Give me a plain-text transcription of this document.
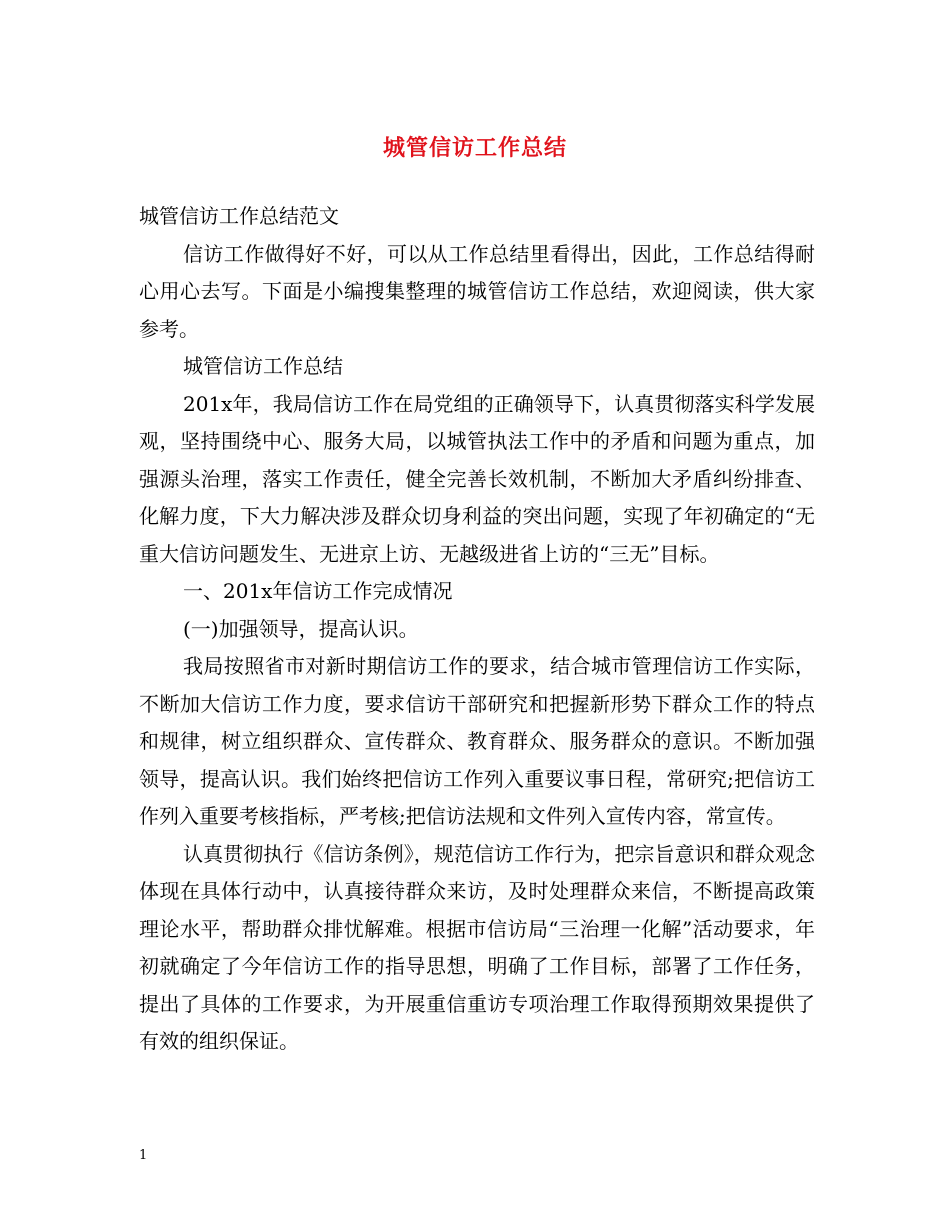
城管信访工作总结

城管信访工作总结范文

信访工作做得好不好，可以从工作总结里看得出，因此，工作总结得耐心用心去写。下面是小编搜集整理的城管信访工作总结，欢迎阅读，供大家参考。

城管信访工作总结

201x年，我局信访工作在局党组的正确领导下，认真贯彻落实科学发展观，坚持围绕中心、服务大局，以城管执法工作中的矛盾和问题为重点，加强源头治理，落实工作责任，健全完善长效机制，不断加大矛盾纠纷排查、化解力度，下大力解决涉及群众切身利益的突出问题，实现了年初确定的“无重大信访问题发生、无进京上访、无越级进省上访的“三无”目标。

一、201x年信访工作完成情况

(一)加强领导，提高认识。

我局按照省市对新时期信访工作的要求，结合城市管理信访工作实际，不断加大信访工作力度，要求信访干部研究和把握新形势下群众工作的特点和规律，树立组织群众、宣传群众、教育群众、服务群众的意识。不断加强领导，提高认识。我们始终把信访工作列入重要议事日程，常研究;把信访工作列入重要考核指标，严考核;把信访法规和文件列入宣传内容，常宣传。

认真贯彻执行《信访条例》，规范信访工作行为，把宗旨意识和群众观念体现在具体行动中，认真接待群众来访，及时处理群众来信，不断提高政策理论水平，帮助群众排忧解难。根据市信访局“三治理一化解”活动要求，年初就确定了今年信访工作的指导思想，明确了工作目标，部署了工作任务，提出了具体的工作要求，为开展重信重访专项治理工作取得预期效果提供了有效的组织保证。

1
